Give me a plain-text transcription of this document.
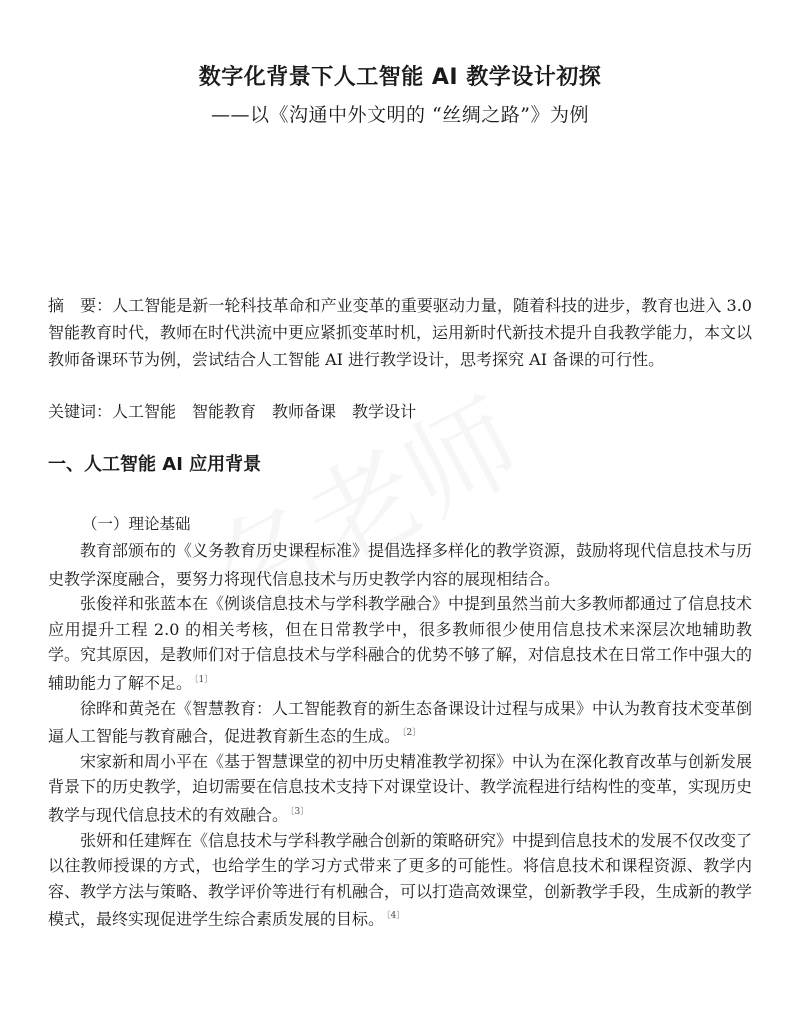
数字化背景下人工智能 AI 教学设计初探
——以《沟通中外文明的 “丝绸之路”》为例
摘　要：人工智能是新一轮科技革命和产业变革的重要驱动力量，随着科技的进步，教育也进入 3.0 智能教育时代，教师在时代洪流中更应紧抓变革时机，运用新时代新技术提升自我教学能力，本文以教师备课环节为例，尝试结合人工智能 AI 进行教学设计，思考探究 AI 备课的可行性。
关键词：人工智能 智能教育 教师备课 教学设计
一、人工智能 AI 应用背景
（一）理论基础

教育部颁布的《义务教育历史课程标准》提倡选择多样化的教学资源，鼓励将现代信息技术与历史教学深度融合，要努力将现代信息技术与历史教学内容的展现相结合。

张俊祥和张蓝本在《例谈信息技术与学科教学融合》中提到虽然当前大多教师都通过了信息技术应用提升工程 2.0 的相关考核，但在日常教学中，很多教师很少使用信息技术来深层次地辅助教学。究其原因，是教师们对于信息技术与学科融合的优势不够了解，对信息技术在日常工作中强大的辅助能力了解不足。 $^{〔1〕}$

徐晔和黄尧在《智慧教育：人工智能教育的新生态备课设计过程与成果》中认为教育技术变革倒逼人工智能与教育融合，促进教育新生态的生成。 $^{〔2〕}$

宋家新和周小平在《基于智慧课堂的初中历史精准教学初探》中认为在深化教育改革与创新发展背景下的历史教学，迫切需要在信息技术支持下对课堂设计、教学流程进行结构性的变革，实现历史教学与现代信息技术的有效融合。 $^{〔3〕}$

张妍和任建辉在《信息技术与学科教学融合创新的策略研究》中提到信息技术的发展不仅改变了以往教师授课的方式，也给学生的学习方式带来了更多的可能性。将信息技术和课程资源、教学内容、教学方法与策略、教学评价等进行有机融合，可以打造高效课堂，创新教学手段，生成新的教学模式，最终实现促进学生综合素质发展的目标。 $^{〔4〕}$
